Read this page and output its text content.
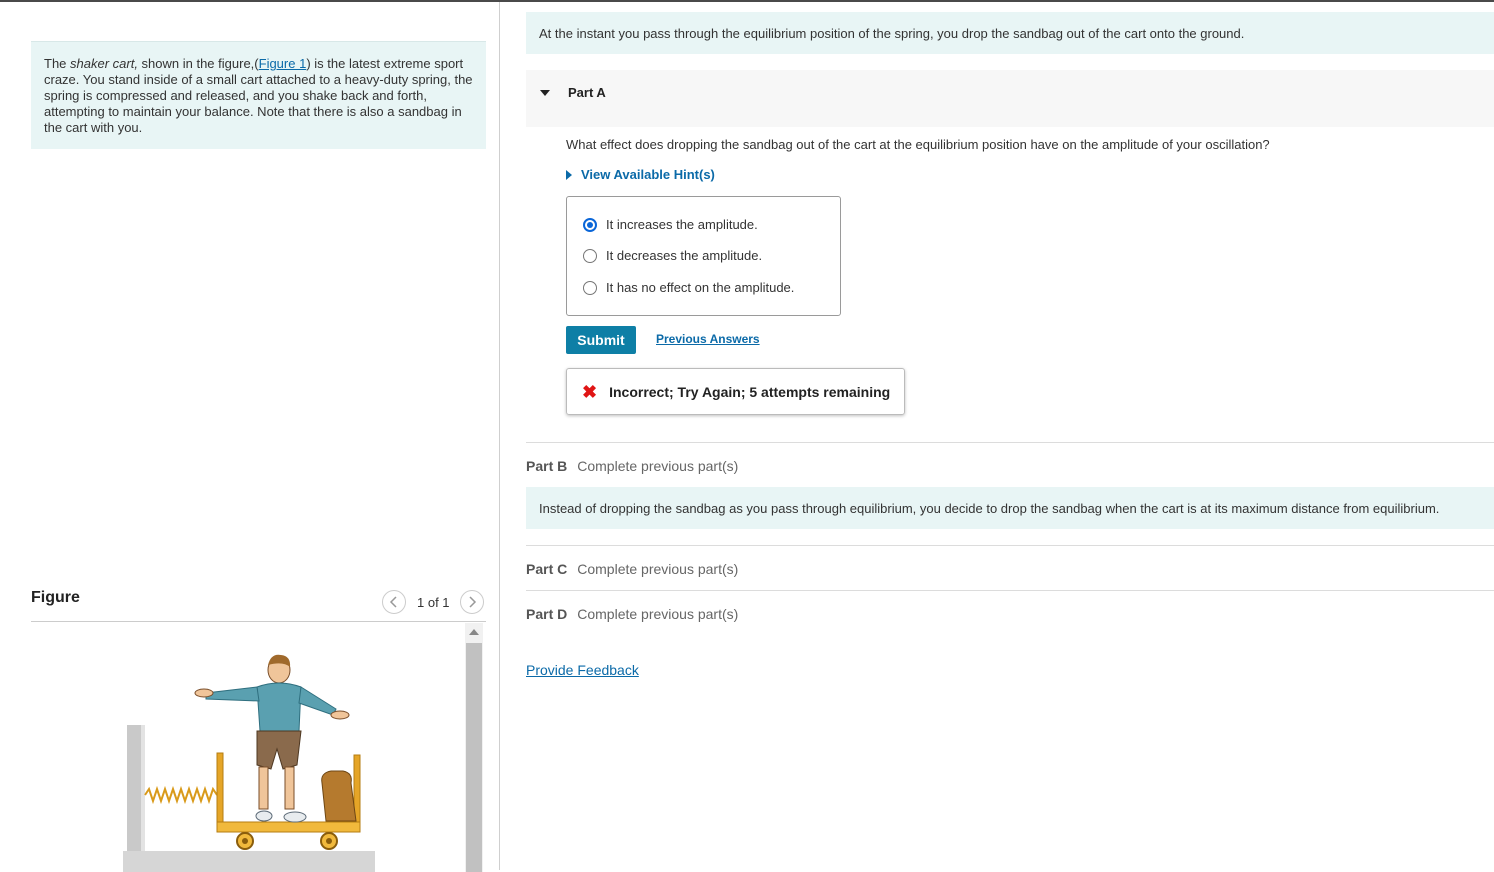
The shaker cart, shown in the figure,(Figure 1) is the latest extreme sport craze. You stand inside of a small cart attached to a heavy-duty spring, the spring is compressed and released, and you shake back and forth, attempting to maintain your balance. Note that there is also a sandbag in the cart with you.
Figure	1 of 1
At the instant you pass through the equilibrium position of the spring, you drop the sandbag out of the cart onto the ground.
Part A
What effect does dropping the sandbag out of the cart at the equilibrium position have on the amplitude of your oscillation?
View Available Hint(s)
It increases the amplitude.
It decreases the amplitude.
It has no effect on the amplitude.
Submit	Previous Answers
✖ Incorrect; Try Again; 5 attempts remaining
Part B Complete previous part(s)
Instead of dropping the sandbag as you pass through equilibrium, you decide to drop the sandbag when the cart is at its maximum distance from equilibrium.
Part C Complete previous part(s)
Part D Complete previous part(s)
Provide Feedback
